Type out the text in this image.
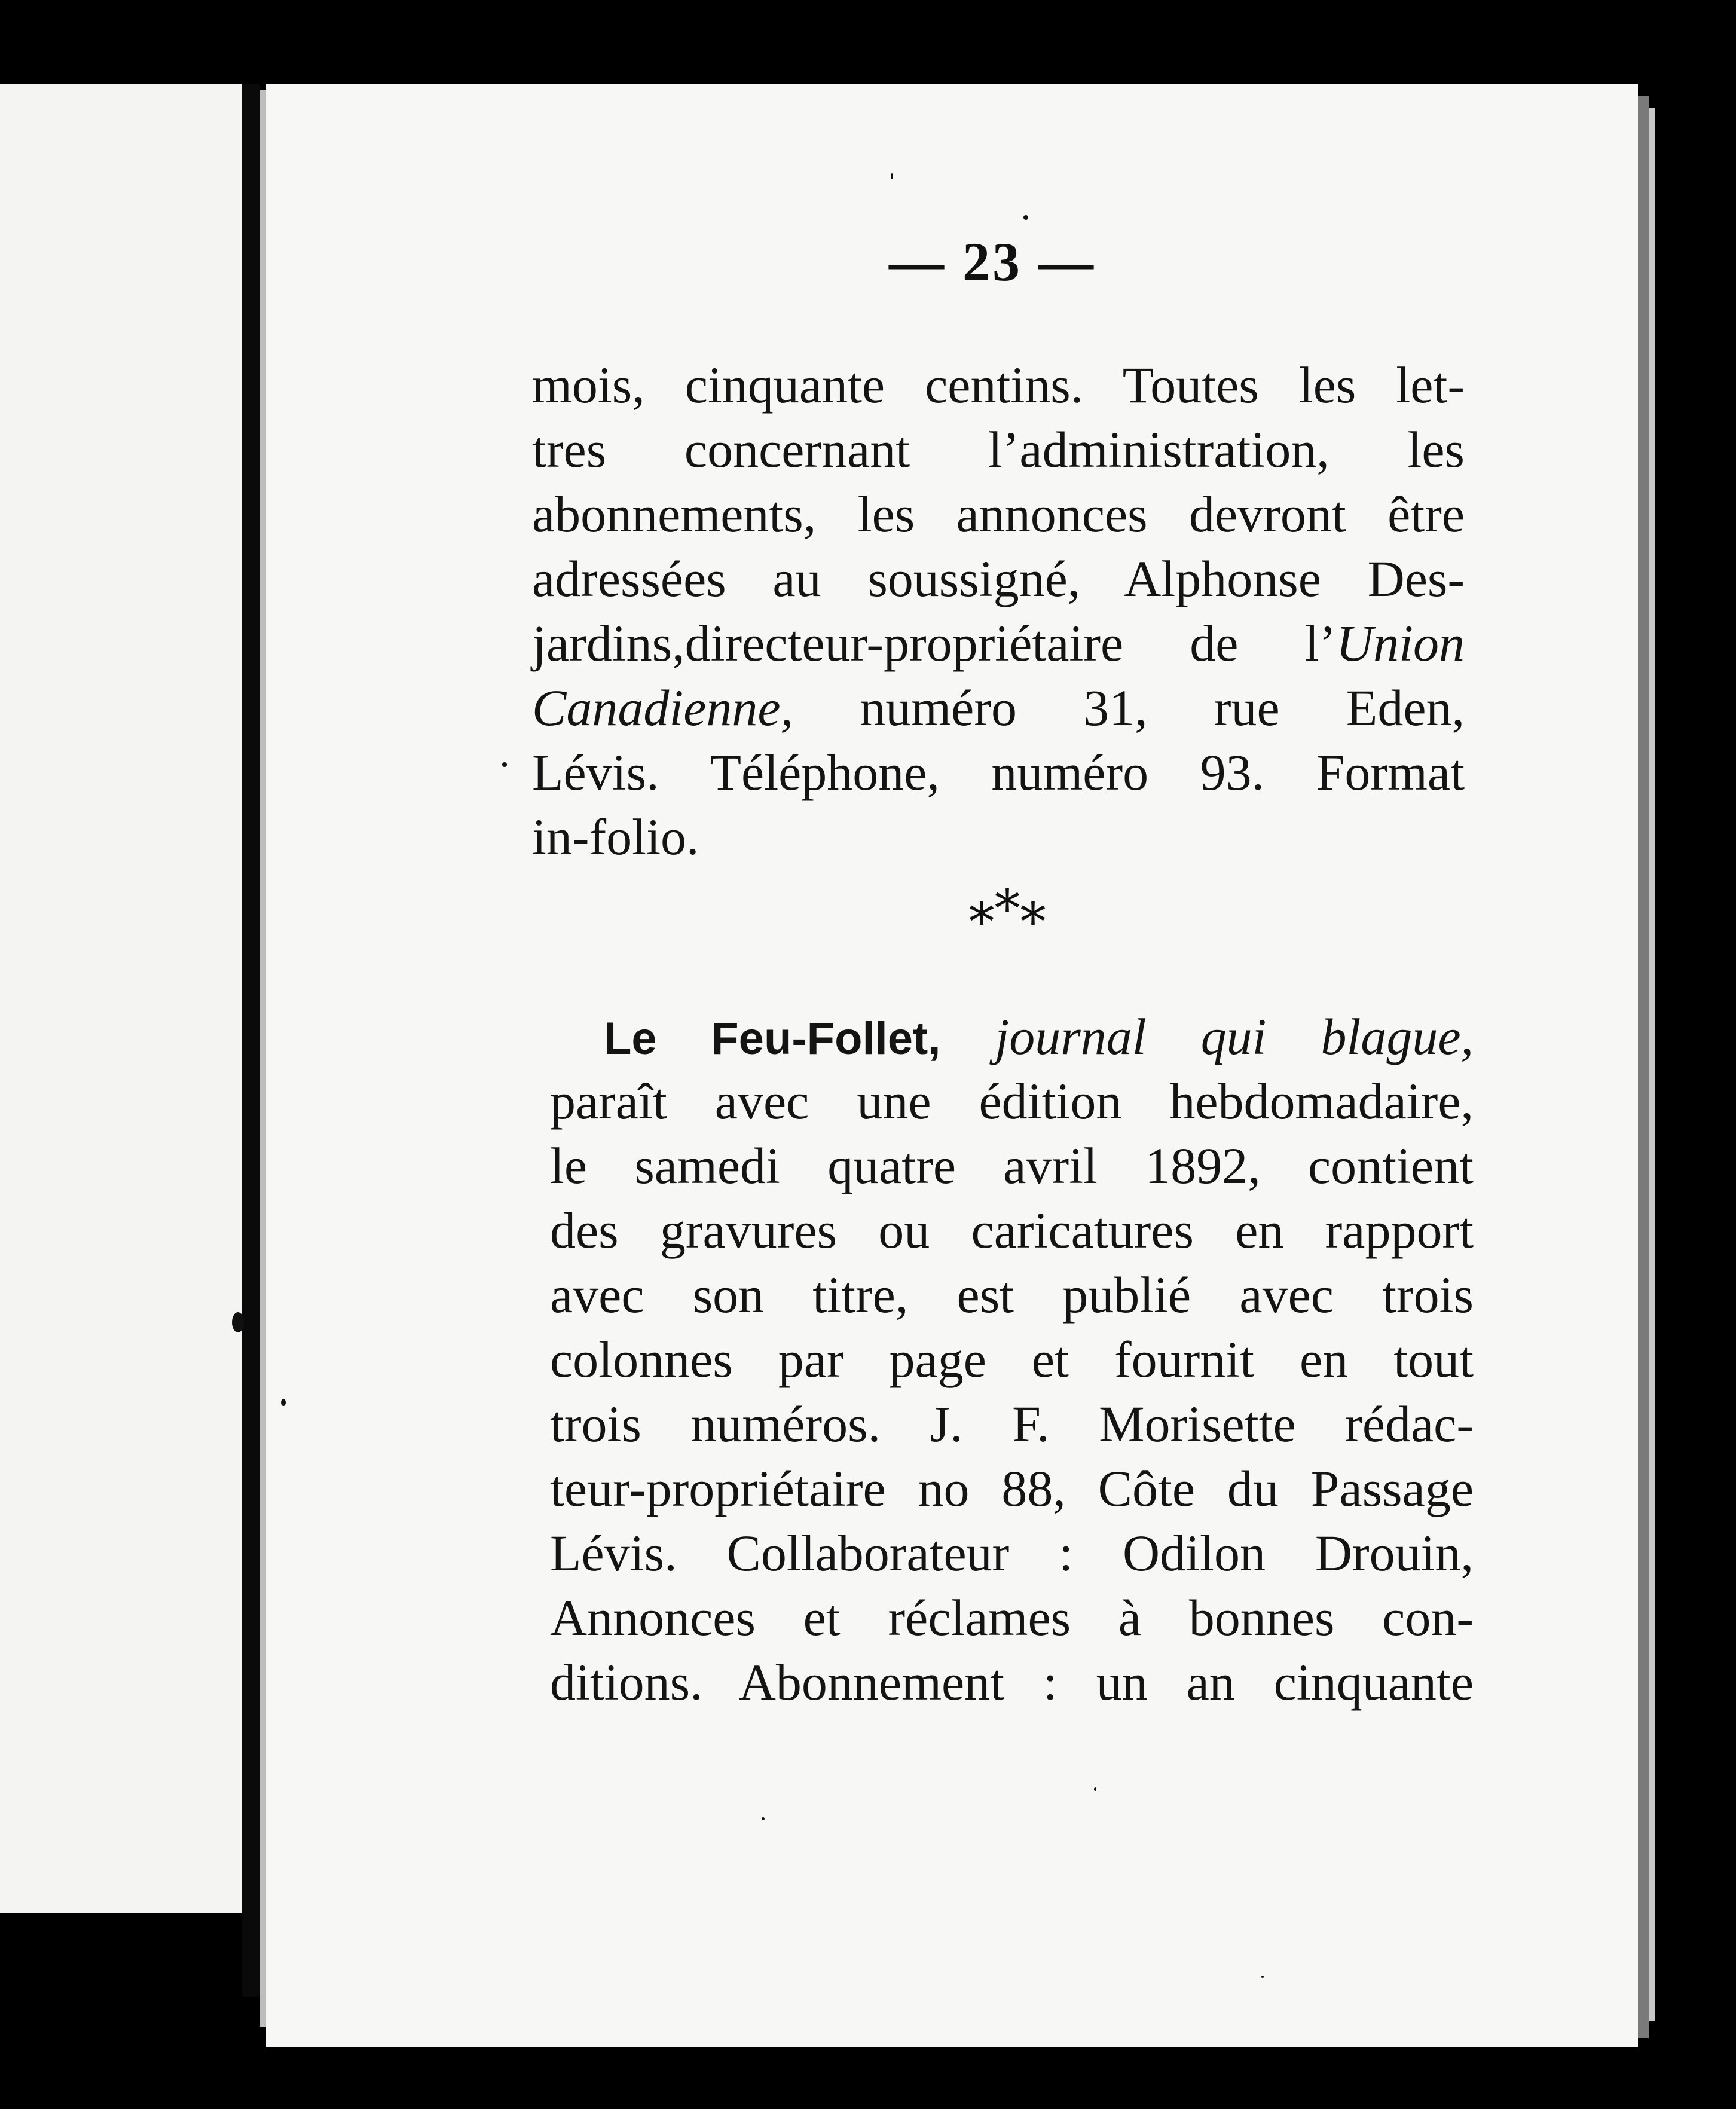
— 23 —
mois, cinquante centins. Toutes les let-
tres concernant l’administration, les
abonnements, les annonces devront être
adressées au soussigné, Alphonse Des-
jardins,directeur-propriétaire de l’Union
Canadienne, numéro 31, rue Eden,
Lévis. Téléphone, numéro 93. Format
in-folio.
***
Le Feu-Follet, journal qui blague,
paraît avec une édition hebdomadaire,
le samedi quatre avril 1892, contient
des gravures ou caricatures en rapport
avec son titre, est publié avec trois
colonnes par page et fournit en tout
trois numéros. J. F. Morisette rédac-
teur-propriétaire no 88, Côte du Passage
Lévis. Collaborateur : Odilon Drouin,
Annonces et réclames à bonnes con-
ditions. Abonnement : un an cinquante
